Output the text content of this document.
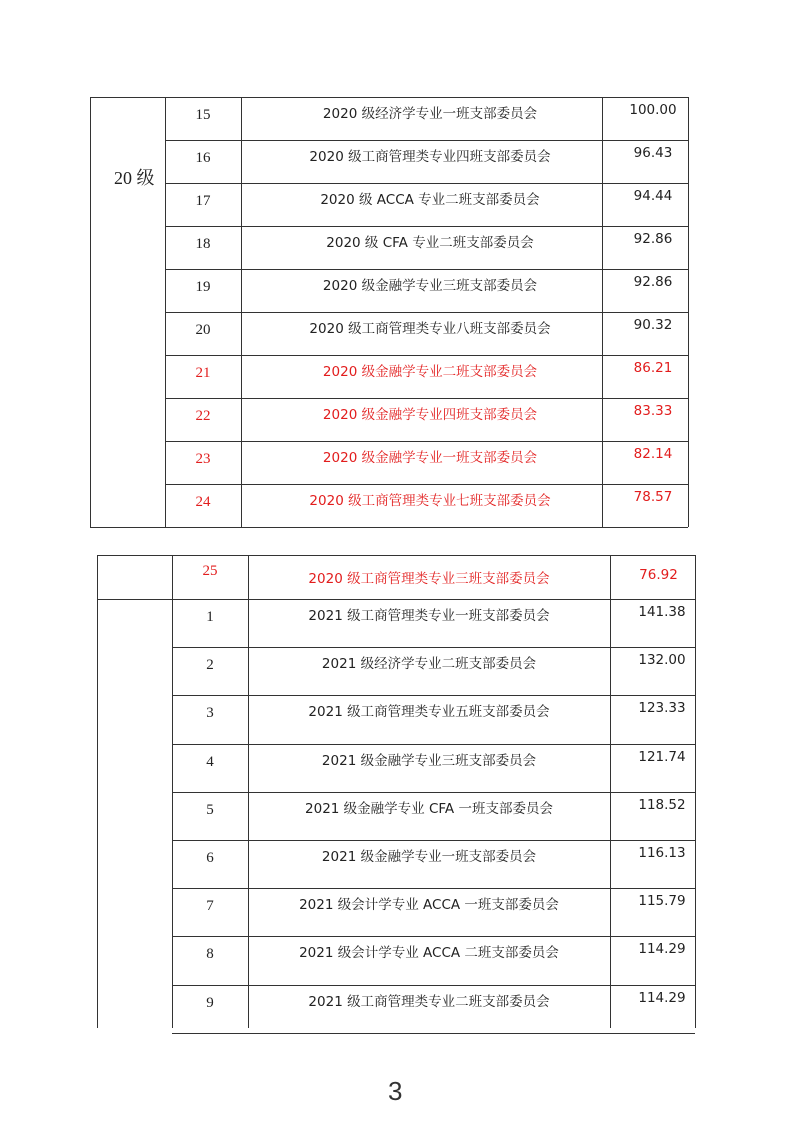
20 级
15	2020 级经济学专业一班支部委员会	100.00
16	2020 级工商管理类专业四班支部委员会	96.43
17	2020 级 ACCA 专业二班支部委员会	94.44
18	2020 级 CFA 专业二班支部委员会	92.86
19	2020 级金融学专业三班支部委员会	92.86
20	2020 级工商管理类专业八班支部委员会	90.32
21	2020 级金融学专业二班支部委员会	86.21
22	2020 级金融学专业四班支部委员会	83.33
23	2020 级金融学专业一班支部委员会	82.14
24	2020 级工商管理类专业七班支部委员会	78.57
25	2020 级工商管理类专业三班支部委员会	76.92
1	2021 级工商管理类专业一班支部委员会	141.38
2	2021 级经济学专业二班支部委员会	132.00
3	2021 级工商管理类专业五班支部委员会	123.33
4	2021 级金融学专业三班支部委员会	121.74
5	2021 级金融学专业 CFA 一班支部委员会	118.52
6	2021 级金融学专业一班支部委员会	116.13
7	2021 级会计学专业 ACCA 一班支部委员会	115.79
8	2021 级会计学专业 ACCA 二班支部委员会	114.29
9	2021 级工商管理类专业二班支部委员会	114.29
3
